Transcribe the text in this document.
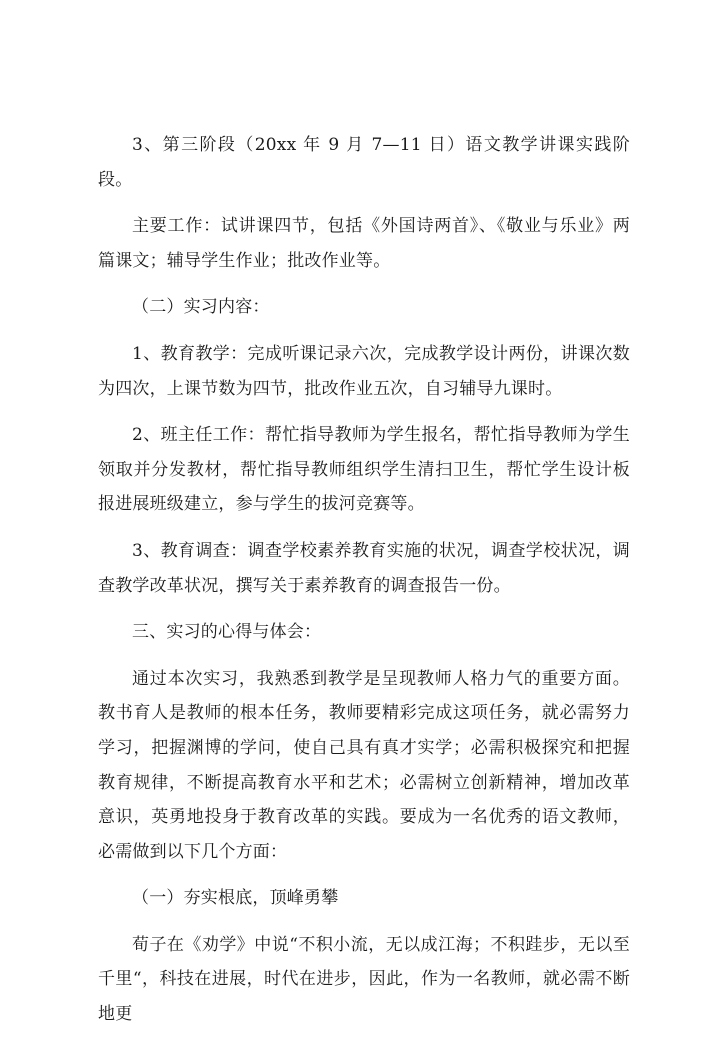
3、第三阶段（20xx 年 9 月 7—11 日）语文教学讲课实践阶段。

主要工作：试讲课四节，包括《外国诗两首》、《敬业与乐业》两篇课文；辅导学生作业；批改作业等。

（二）实习内容：

1、教育教学：完成听课记录六次，完成教学设计两份，讲课次数为四次，上课节数为四节，批改作业五次，自习辅导九课时。

2、班主任工作：帮忙指导教师为学生报名，帮忙指导教师为学生领取并分发教材，帮忙指导教师组织学生清扫卫生，帮忙学生设计板报进展班级建立，参与学生的拔河竞赛等。

3、教育调查：调查学校素养教育实施的状况，调查学校状况，调查教学改革状况，撰写关于素养教育的调查报告一份。

三、实习的心得与体会：

通过本次实习，我熟悉到教学是呈现教师人格力气的重要方面。教书育人是教师的根本任务，教师要精彩完成这项任务，就必需努力学习，把握渊博的学问，使自己具有真才实学；必需积极探究和把握教育规律，不断提高教育水平和艺术；必需树立创新精神，增加改革意识，英勇地投身于教育改革的实践。要成为一名优秀的语文教师，必需做到以下几个方面：

（一）夯实根底，顶峰勇攀

荀子在《劝学》中说“不积小流，无以成江海；不积跬步，无以至千里“，科技在进展，时代在进步，因此，作为一名教师，就必需不断地更
